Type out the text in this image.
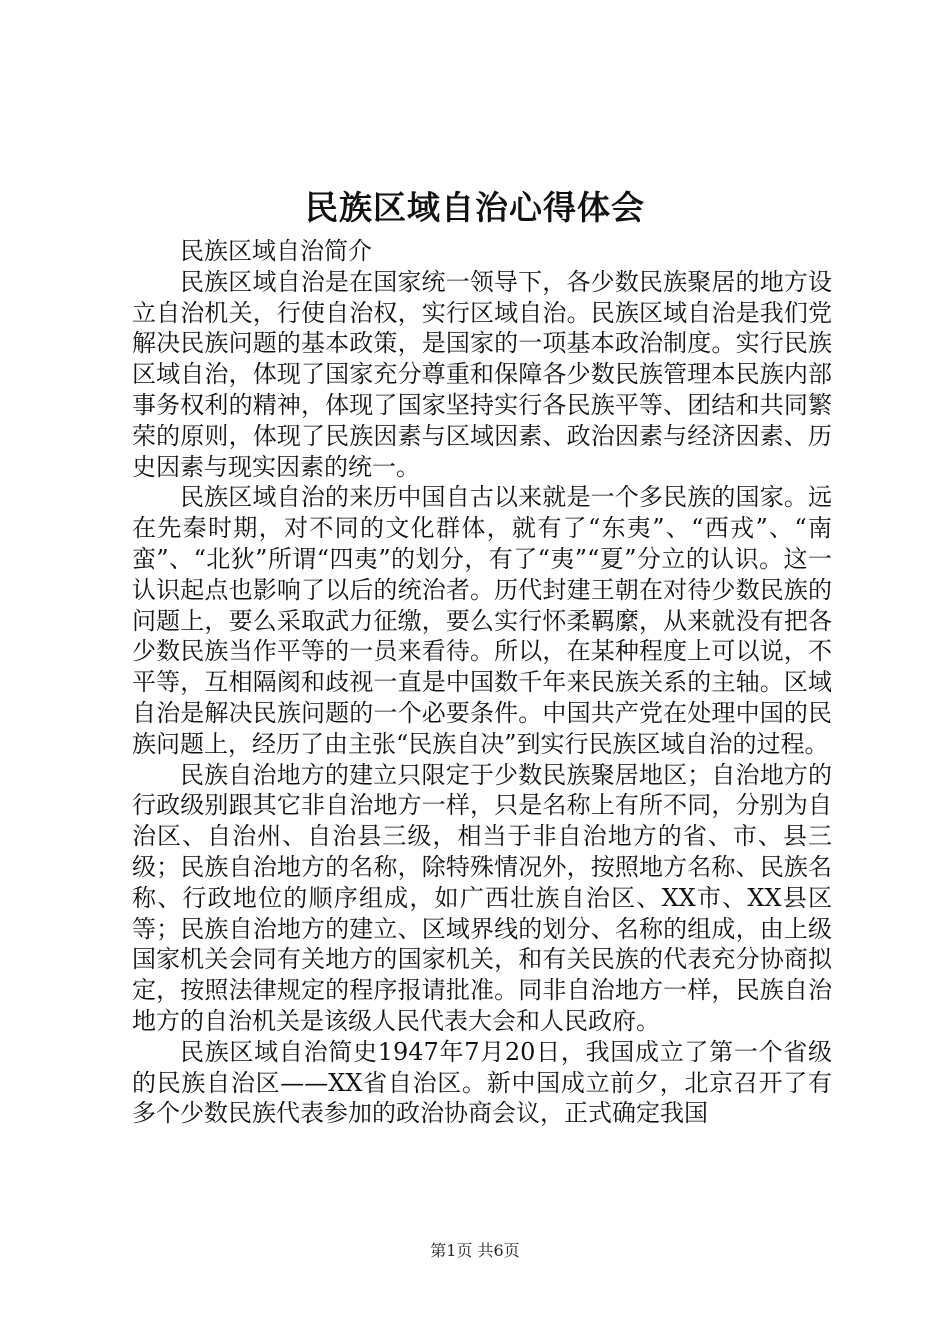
民族区域自治心得体会

民族区域自治简介

民族区域自治是在国家统一领导下，各少数民族聚居的地方设立自治机关，行使自治权，实行区域自治。民族区域自治是我们党解决民族问题的基本政策，是国家的一项基本政治制度。实行民族区域自治，体现了国家充分尊重和保障各少数民族管理本民族内部事务权利的精神，体现了国家坚持实行各民族平等、团结和共同繁荣的原则，体现了民族因素与区域因素、政治因素与经济因素、历史因素与现实因素的统一。

民族区域自治的来历中国自古以来就是一个多民族的国家。远在先秦时期，对不同的文化群体，就有了“东夷”、“西戎”、“南蛮”、“北狄”所谓“四夷”的划分，有了“夷”“夏”分立的认识。这一认识起点也影响了以后的统治者。历代封建王朝在对待少数民族的问题上，要么采取武力征缴，要么实行怀柔羁縻，从来就没有把各少数民族当作平等的一员来看待。所以，在某种程度上可以说，不平等，互相隔阂和歧视一直是中国数千年来民族关系的主轴。区域自治是解决民族问题的一个必要条件。中国共产党在处理中国的民族问题上，经历了由主张“民族自决”到实行民族区域自治的过程。

民族自治地方的建立只限定于少数民族聚居地区；自治地方的行政级别跟其它非自治地方一样，只是名称上有所不同，分别为自治区、自治州、自治县三级，相当于非自治地方的省、市、县三级；民族自治地方的名称，除特殊情况外，按照地方名称、民族名称、行政地位的顺序组成，如广西壮族自治区、XX市、XX县区等；民族自治地方的建立、区域界线的划分、名称的组成，由上级国家机关会同有关地方的国家机关，和有关民族的代表充分协商拟定，按照法律规定的程序报请批准。同非自治地方一样，民族自治地方的自治机关是该级人民代表大会和人民政府。

民族区域自治简史1947年7月20日，我国成立了第一个省级的民族自治区——XX省自治区。新中国成立前夕，北京召开了有多个少数民族代表参加的政治协商会议，正式确定我国

第1页 共6页
